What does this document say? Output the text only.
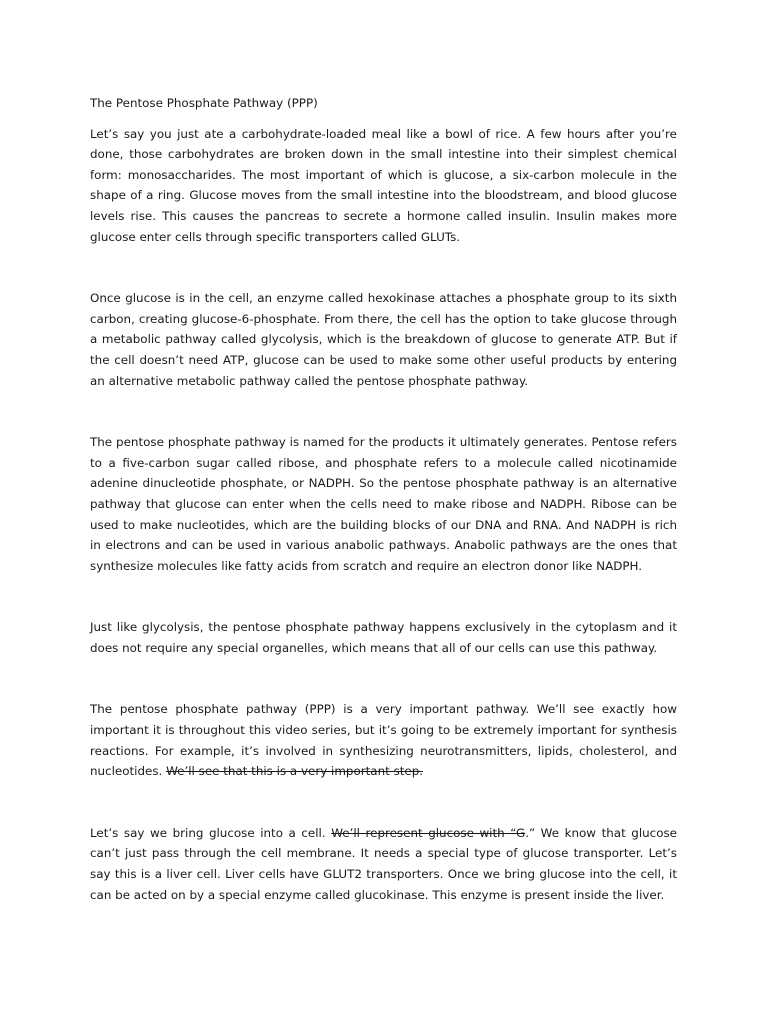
The Pentose Phosphate Pathway (PPP)

Let’s say you just ate a carbohydrate-loaded meal like a bowl of rice. A few hours after you’re done, those carbohydrates are broken down in the small intestine into their simplest chemical form: monosaccharides. The most important of which is glucose, a six-carbon molecule in the shape of a ring. Glucose moves from the small intestine into the bloodstream, and blood glucose levels rise. This causes the pancreas to secrete a hormone called insulin. Insulin makes more glucose enter cells through specific transporters called GLUTs.

Once glucose is in the cell, an enzyme called hexokinase attaches a phosphate group to its sixth carbon, creating glucose-6-phosphate. From there, the cell has the option to take glucose through a metabolic pathway called glycolysis, which is the breakdown of glucose to generate ATP. But if the cell doesn’t need ATP, glucose can be used to make some other useful products by entering an alternative metabolic pathway called the pentose phosphate pathway.

The pentose phosphate pathway is named for the products it ultimately generates. Pentose refers to a five-carbon sugar called ribose, and phosphate refers to a molecule called nicotinamide adenine dinucleotide phosphate, or NADPH. So the pentose phosphate pathway is an alternative pathway that glucose can enter when the cells need to make ribose and NADPH. Ribose can be used to make nucleotides, which are the building blocks of our DNA and RNA. And NADPH is rich in electrons and can be used in various anabolic pathways. Anabolic pathways are the ones that synthesize molecules like fatty acids from scratch and require an electron donor like NADPH.

Just like glycolysis, the pentose phosphate pathway happens exclusively in the cytoplasm and it does not require any special organelles, which means that all of our cells can use this pathway.

The pentose phosphate pathway (PPP) is a very important pathway. We’ll see exactly how important it is throughout this video series, but it’s going to be extremely important for synthesis reactions. For example, it’s involved in synthesizing neurotransmitters, lipids, cholesterol, and nucleotides. We’ll see that this is a very important step.

Let’s say we bring glucose into a cell. We’ll represent glucose with “G.” We know that glucose can’t just pass through the cell membrane. It needs a special type of glucose transporter. Let’s say this is a liver cell. Liver cells have GLUT2 transporters. Once we bring glucose into the cell, it can be acted on by a special enzyme called glucokinase. This enzyme is present inside the liver.
